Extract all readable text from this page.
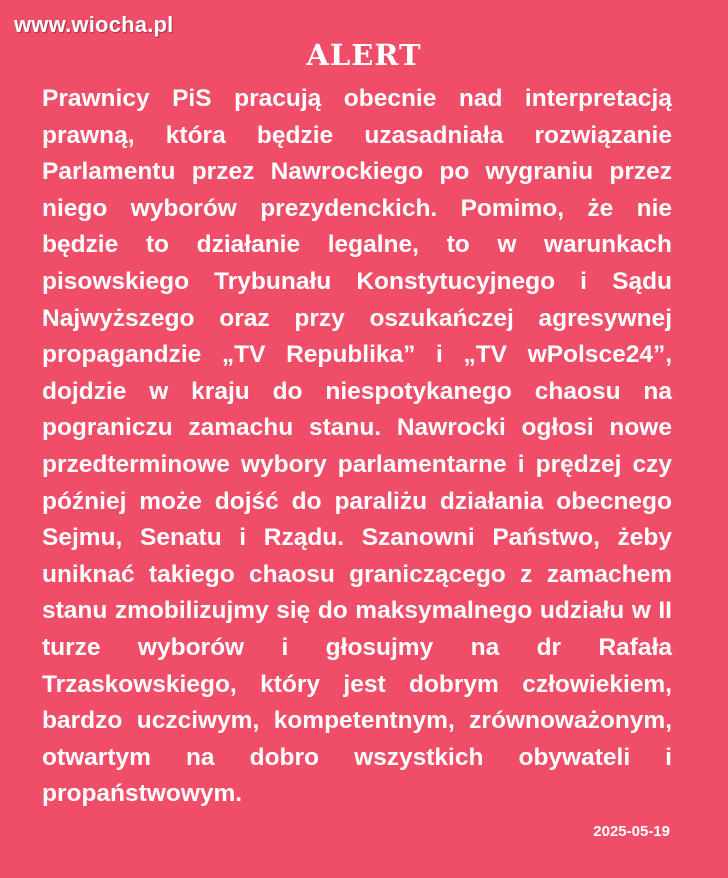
www.wiocha.pl
ALERT

Prawnicy PiS pracują obecnie nad interpretacją prawną, która będzie uzasadniała rozwiązanie Parlamentu przez Nawrockiego po wygraniu przez niego wyborów prezydenckich. Pomimo, że nie będzie to działanie legalne, to w warunkach pisowskiego Trybunału Konstytucyjnego i Sądu Najwyższego oraz przy oszukańczej agresywnej propagandzie „TV Republika” i „TV wPolsce24”, dojdzie w kraju do niespotykanego chaosu na pograniczu zamachu stanu. Nawrocki ogłosi nowe przedterminowe wybory parlamentarne i prędzej czy później może dojść do paraliżu działania obecnego Sejmu, Senatu i Rządu. Szanowni Państwo, żeby uniknać takiego chaosu graniczącego z zamachem stanu zmobilizujmy się do maksymalnego udziału w II turze wyborów i głosujmy na dr Rafała Trzaskowskiego, który jest dobrym człowiekiem, bardzo uczciwym, kompetentnym, zrównoważonym, otwartym na dobro wszystkich obywateli i propaństwowym.

2025-05-19
